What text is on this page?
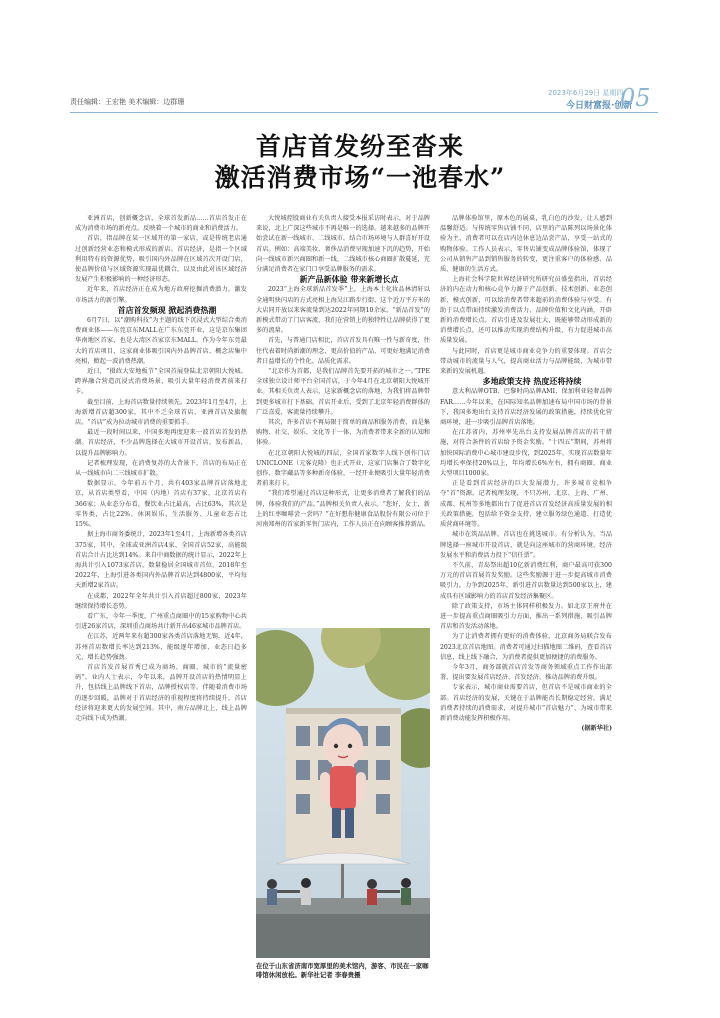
责任编辑：王宏艳 美术编辑：边群珊
2023年6月29日 星期四
今日财富报·创新
05
首店首发纷至沓来
激活消费市场“一池春水”

亚洲首店，创新概念店，全球首发新品……首店首发正在成为消费市场的新亮点。反映着一个城市的商业和消费活力。

首店，指品牌在某一区域开的第一家店，或是传统老店通过创新经营业态和模式形成的新店。首店经济，是指一个区域利用特有的资源优势，吸引国内外品牌在区域首次开设门店，使品牌价值与区域资源实现最优耦合，以及由此对该区域经济发展产生积极影响的一种经济形态。

近年来，首店经济正在成为地方政府挖掘消费潜力，激发市场活力的新引擎。

首店首发频现 掀起消费热潮

6月7日，以“潮购科技”为主题的线下沉浸式大型综合类消费商业体——东莞京东MALL在广东东莞开业，这是京东集团华南地区首家，也是大湾区首家京东MALL。作为今年东莞最大的首店项目，这家商业体吸引国内外品牌首店、概念店集中亮相，掀起一波消费热潮。

近日，“摄政大安地板节”全国首展登陆北京朝阳大悦城。跨界融合营造沉浸式消费场景，吸引大量年轻消费者前来打卡。

截至目前，上海首店数量持续领先。2023年1月至4月，上海新增首店超300家，其中不乏全球首店、亚洲首店及旗舰店。“首店”成为拉动城市消费的重要抓手。

最近一段时间以来，中国多地再度迎来一波首店首发的热潮。首店经济，不少品牌选择在大城市开设首店、发布新品，以提升品牌影响力。

记者梳理发现，在消费复苏的大背景下，首店的布局正在从一线城市向二三线城市扩散。

数据显示，今年前五个月，共有403家品牌首店落地北京，从首店类型看，中国（内地）首店有37家，北京首店有366家；从业态分布看，餐饮业占比最高，占比63%，其次是零售类，占比22%。休闲娱乐、生活服务、儿童业态占比15%。

据上海市商务委统计，2023年1至4月，上海新增各类首店375家，其中，全球或亚洲首店4家、全国首店52家，高能级首店合计占比达到14%。来自中商数据的统计显示，2022年上海共计引入1073家首店，数量稳居全国城市首位。2018年至2022年，上海引进各类国内外品牌首店达到4800家，平均每天新增2家首店。

在成都，2022年全年共计引入首店超过800家，2023年继续保持增长态势。

看广东，今年一季度，广州重点商圈中的15家购物中心共引进26家首店，深圳重点商场共计新开出46家城市品牌首店。

在江苏，近两年来有超300家各类首店落地无锡，近4年，苏州首店数增长率达到213%，能级逐年增加，业态日趋多元，增长趋势强劲。

首店首发首展首秀已成为商场、商圈、城市的“流量密码”。业内人士表示，今年以来，品牌开设首店的热情明显上升，包括线上品牌线下首店，品牌授权店等。伴随着消费市场的逐步回暖，品牌对于首店经济的重视程度将持续提升，首店经济将迎来更大的发展空间。其中，南方品牌北上，线上品牌走向线下成为热潮。

大悦城控股商业有关负责人接受本报采访时表示，对于品牌来说，北上广深这些城市不再是唯一的选择。越来越多的品牌开始尝试在新一线城市、二线城市，结合市场环境与人群喜好开设首店。例如：高端美妆、奢侈品消费呈现加速下沉的趋势，开始向一线城市新兴商圈和新一线、二线城市核心商圈扩散蔓延，充分满足消费者在家门口享受品牌服务的需求。

新产品新体验 带来新增长点

2023“上海全球新品首发季”上，上海本土化妆品林清轩以全通明快闪店的方式亮相上海吴江路步行街，这个近万平方米的大店同开放以来客流量到达2022年同期10余家。“新品首发”的新模式带动了门店客流，我们在营销上的独特性让品牌获得了更多的流量。

首先，与普通门店相比，首店首发具有唯一性与新奇度，往往代表着时尚新潮的理念、更高价值的产品，可更好地满足消费者日益增长的个性化、品质化需求。

“北京作为首都，是我们品牌首先要开拓的城市之一。”TPE全球独立设计师平台全国首店，于今年4月在北京朝阳大悦城开业。其相关负责人表示，这家新概念店的落地，为我们将品牌带到更多城市打下基础。首店开业后，受到了北京年轻消费群体的广泛喜爱，客流量持续攀升。

其次，许多首店不再局限于简单的商品和服务消费，而是集购物、社交、娱乐、文化等于一体，为消费者带来全新的认知和体验。

在北京朝阳大悦城的四层，全国首家数字人线下创作门店UNICLONE（元客克隆）也正式开业，这家门店集合了数字化创作、数字藏品等多种新奇体验，一经开业便吸引大量年轻消费者前来打卡。

“我们希望通过首店这种形式，让更多消费者了解我们的品牌，体验我们的产品。”品牌相关负责人表示。“您好，女士，新上的红枣咖啡尝一尝吗？”在好想你健康食品股份有限公司位于河南郑州的首家新零售门店内，工作人员正在向顾客推荐新品。

在位于山东省济南市宽厚里的美术馆内，游客、市民在一家咖啡馆休闲放松。新华社记者 李春贵摄

品牌体验馆里，原木色的展桌，乳白色的沙发，让人感到温馨舒适。与传统零售店铺不同，店里的产品陈列以场景化体验为主，消费者可以在店内边休息边品尝产品，享受一站式的购物体验。工作人员表示，零售店铺变成品牌体验馆，体现了公司从销售产品到销售服务的转变，更注重客户的体验感、品质、健康的生活方式。

上海社会科学院世界经济研究所研究员盛垒指出，首店经济的内在动力和核心竞争力源于产品创新、技术创新、业态创新、模式创新，可以给消费者带来超前的消费体验与享受。有助于以点带面持续激发消费活力，品牌价值和文化内涵，开辟新的消费增长点。首店引进及发展壮大，既能够带动形成新的消费增长点，还可以推动实现消费结构升级，有力促进城市高质量发展。

与此同时，首店更是城市商业竞争力的重要体现。首店会带动城市的流量与人气，提高商业活力与品牌能级，为城市带来新的发展机遇。

多地政策支持 热度还将持续

意大利品牌OTB、巴黎时尚品牌AMI、保加利亚轻奢品牌FAR……今年以来，在国际知名品牌加速布局中国市场的背景下，我国多地出台支持首店经济发展的政策措施，持续优化营商环境，进一步吸引品牌首店落地。

在江苏省内，苏州率先出台支持发展品牌首店的若干措施，对符合条件的首店给予资金奖励。“十四五”期间，苏州将加快国际消费中心城市建设步伐，到2025年，实现首店数量年均增长率保持20%以上，年均增长6%左右，拥有商圈、商业大型项目1000家。

正是看到首店经济的巨大发展潜力，许多城市竞相争夺“首”资源。记者梳理发现，不只苏州，北京、上海、广州、成都、杭州等多地都出台了促进首店首发经济高质量发展的相关政策措施，包括给予资金支持、建立服务绿色通道、打造优质营商环境等。

城市在筑品品牌，首店也在挑选城市。有分析认为，当品牌选择一座城市开设首店，就是向这座城市的营商环境、经济发展水平和消费活力投下“信任票”。

不久前，青岛祭出超10亿新消费红利，商户最高可获300万元的首店首展首发奖励。这些奖励源于进一步提高城市消费吸引力，力争到2025年，新引进首店数量达到500家以上，建成具有区域影响力的首店首发经济集聚区。

除了政策支持，市场主体同样积极发力。如北京王府井在进一步提高重点商圈吸引力方面，推出一系列措施，吸引品牌首店和首发活动落地。

为了让消费者拥有更好的消费体验，北京商务局联合发布2023北京首店地图。消费者可通过扫描地图二维码，查看首店信息，线上线下融合，为消费者提供更加便捷的消费服务。

今年3月，商务部就首店首发等商务领域重点工作作出部署，提出要发展首店经济、首发经济，推动品牌消费升级。

专家表示，城市商业需要首店，但首店不是城市商业的全部。首店经济的发展，关键在于品牌能否长期稳定经营，满足消费者持续的消费需求，对提升城市“首店魅力”、为城市带来新消费动能发挥积极作用。

(据新华社)
